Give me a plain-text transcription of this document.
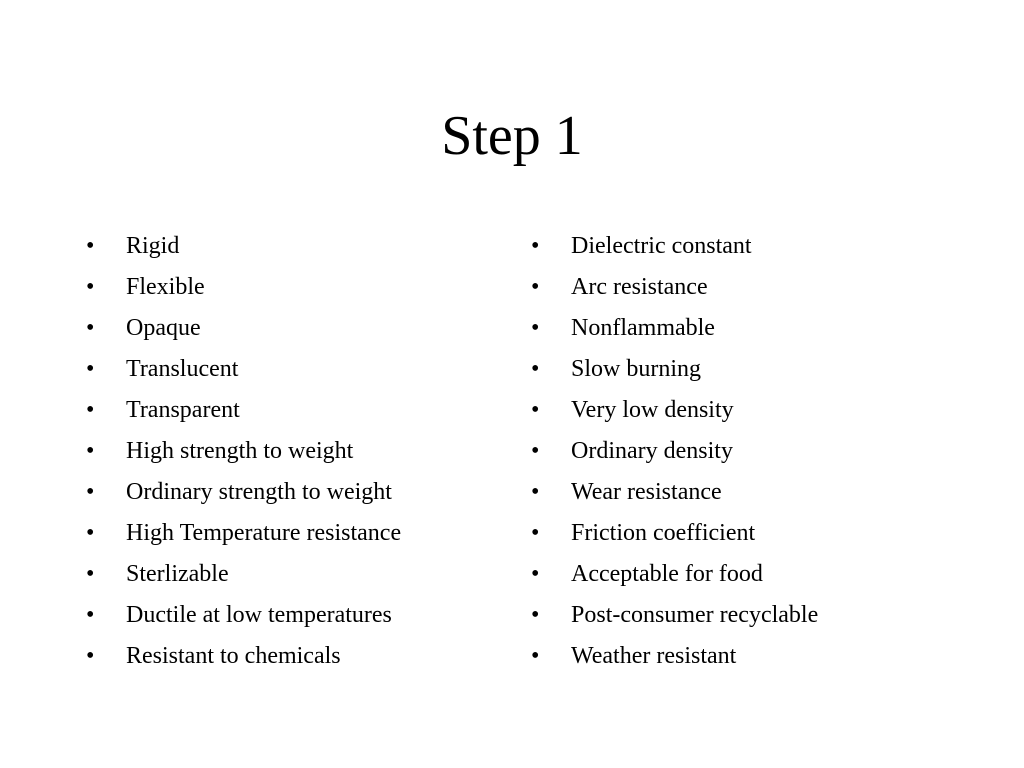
Step 1
•	Rigid
•	Flexible
•	Opaque
•	Translucent
•	Transparent
•	High strength to weight
•	Ordinary strength to weight
•	High Temperature resistance
•	Sterlizable
•	Ductile at low temperatures
•	Resistant to chemicals
•	Dielectric constant
•	Arc resistance
•	Nonflammable
•	Slow burning
•	Very low density
•	Ordinary density
•	Wear resistance
•	Friction coefficient
•	Acceptable for food
•	Post-consumer recyclable
•	Weather resistant
